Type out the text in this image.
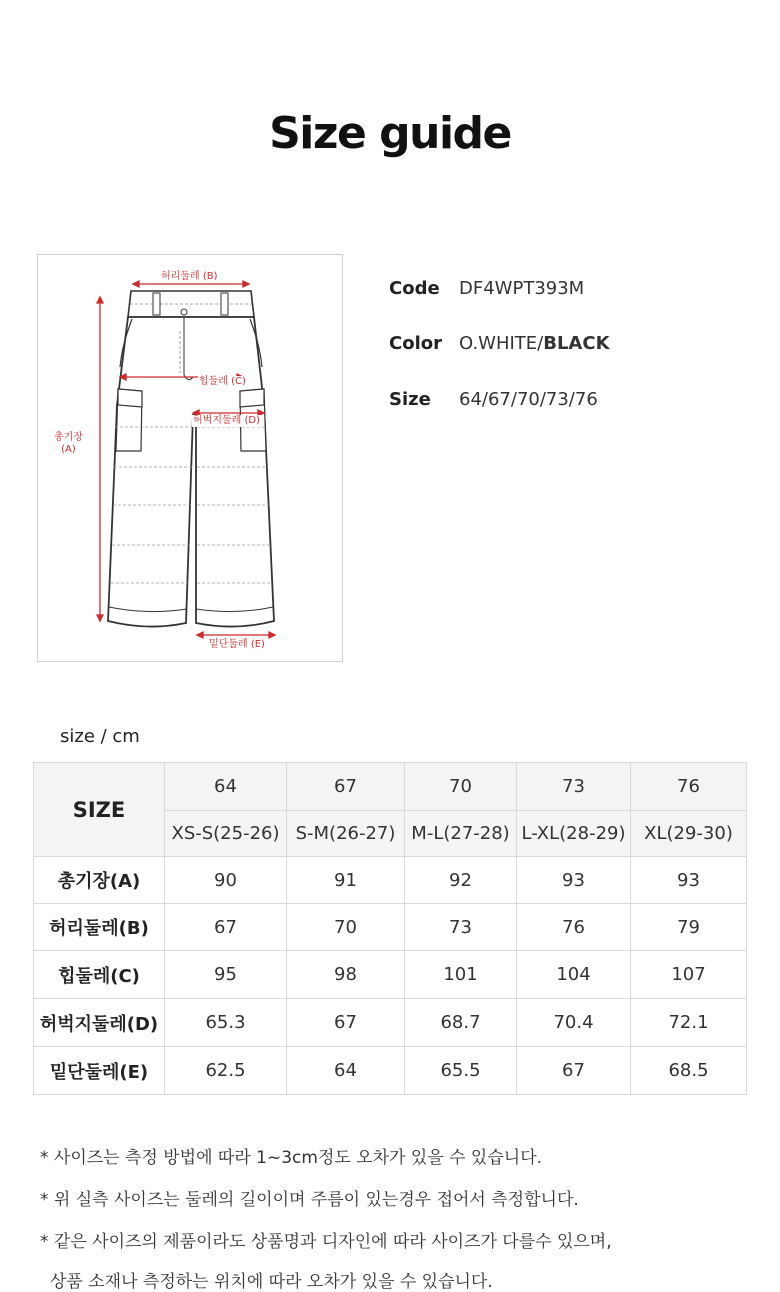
Size guide
허리둘레 (B)
총기장
(A)
힙둘레 (C)
허벅지둘레 (D)
밑단둘레 (E)
Code DF4WPT393M
Color O.WHITE/BLACK
Size 64/67/70/73/76
size / cm
SIZE	64	67	70	73	76
	XS-S(25-26)	S-M(26-27)	M-L(27-28)	L-XL(28-29)	XL(29-30)
총기장(A)	90	91	92	93	93
허리둘레(B)	67	70	73	76	79
힙둘레(C)	95	98	101	104	107
허벅지둘레(D)	65.3	67	68.7	70.4	72.1
밑단둘레(E)	62.5	64	65.5	67	68.5
* 사이즈는 측정 방법에 따라 1~3cm정도 오차가 있을 수 있습니다.
* 위 실측 사이즈는 둘레의 길이이며 주름이 있는경우 접어서 측정합니다.
* 같은 사이즈의 제품이라도 상품명과 디자인에 따라 사이즈가 다를수 있으며,
상품 소재나 측정하는 위치에 따라 오차가 있을 수 있습니다.
